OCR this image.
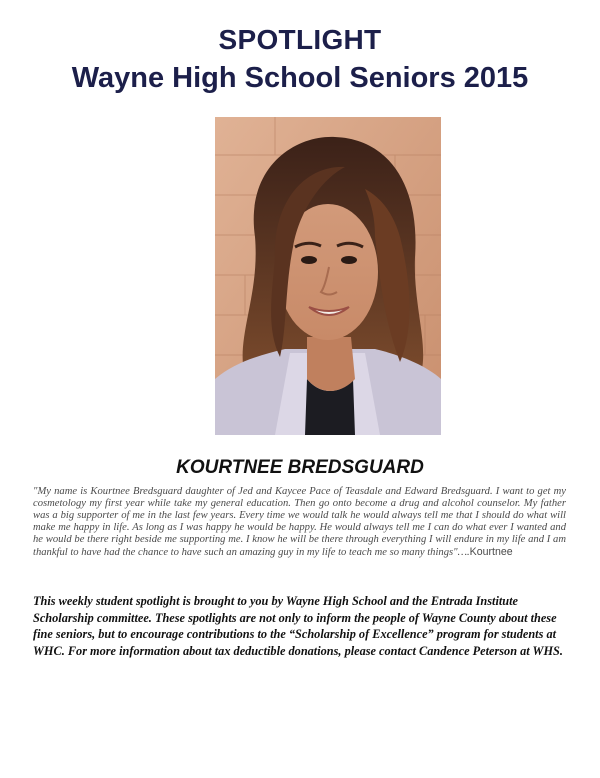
SPOTLIGHT
Wayne High School Seniors 2015
KOURTNEE BREDSGUARD
"My name is Kourtnee Bredsguard daughter of Jed and Kaycee Pace of Teasdale and Edward Bredsguard. I want to get my cosmetology my first year while take my general education. Then go onto become a drug and alcohol counselor. My father was a big supporter of me in the last few years. Every time we would talk he would always tell me that I should do what will make me happy in life. As long as I was happy he would be happy. He would always tell me I can do what ever I wanted and he would be there right beside me supporting me. I know he will be there through everything I will endure in my life and I am thankful to have had the chance to have such an amazing guy in my life to teach me so many things"….Kourtnee
This weekly student spotlight is brought to you by Wayne High School and the Entrada Institute Scholarship committee. These spotlights are not only to inform the people of Wayne County about these fine seniors, but to encourage contributions to the “Scholarship of Excellence” program for students at WHC. For more information about tax deductible donations, please contact Candence Peterson at WHS.
